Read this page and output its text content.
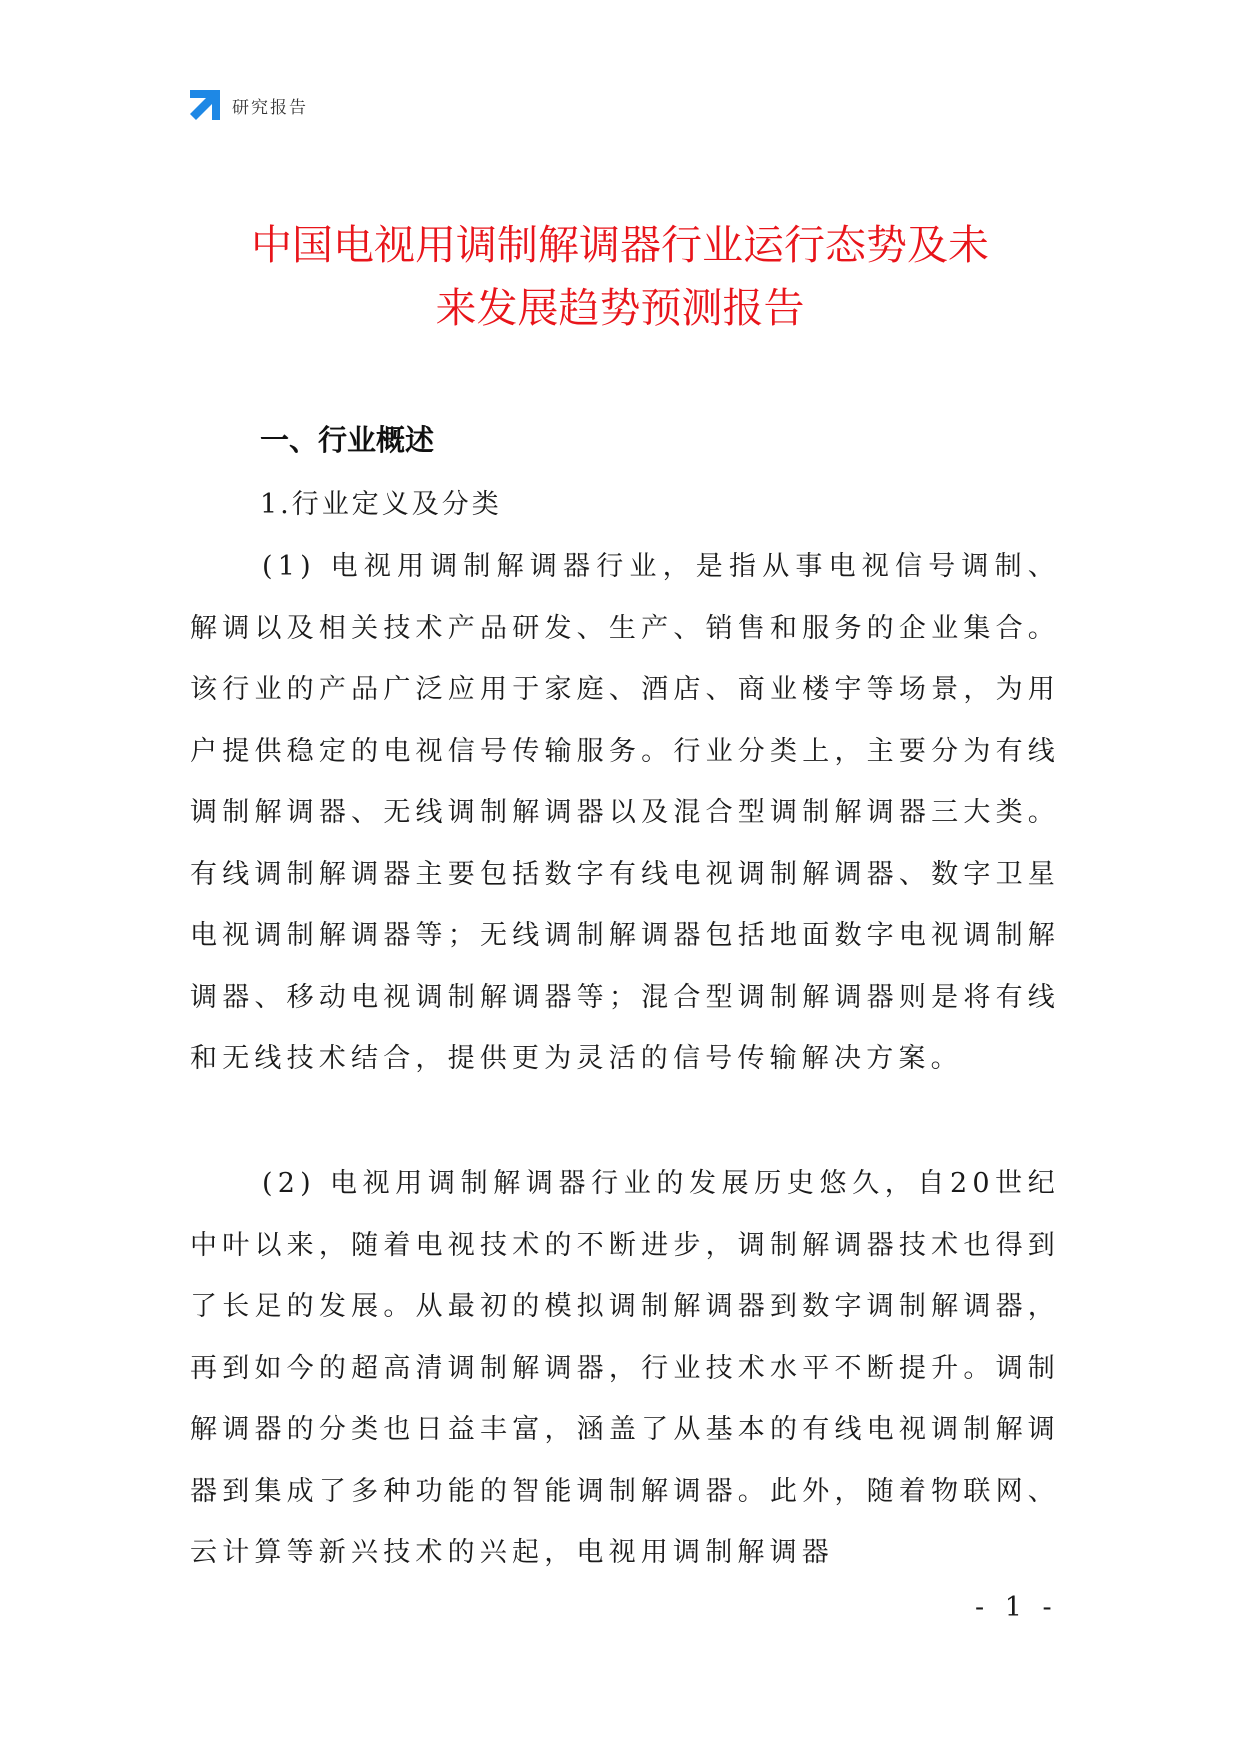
研究报告
中国电视用调制解调器行业运行态势及未
来发展趋势预测报告
一、行业概述
1.行业定义及分类

(1) 电视用调制解调器行业，是指从事电视信号调制、解调以及相关技术产品研发、生产、销售和服务的企业集合。该行业的产品广泛应用于家庭、酒店、商业楼宇等场景，为用户提供稳定的电视信号传输服务。行业分类上，主要分为有线调制解调器、无线调制解调器以及混合型调制解调器三大类。有线调制解调器主要包括数字有线电视调制解调器、数字卫星电视调制解调器等；无线调制解调器包括地面数字电视调制解调器、移动电视调制解调器等；混合型调制解调器则是将有线和无线技术结合，提供更为灵活的信号传输解决方案。

(2) 电视用调制解调器行业的发展历史悠久，自20世纪中叶以来，随着电视技术的不断进步，调制解调器技术也得到了长足的发展。从最初的模拟调制解调器到数字调制解调器，再到如今的超高清调制解调器，行业技术水平不断提升。调制解调器的分类也日益丰富，涵盖了从基本的有线电视调制解调器到集成了多种功能的智能调制解调器。此外，随着物联网、云计算等新兴技术的兴起，电视用调制解调器

- 1 -
